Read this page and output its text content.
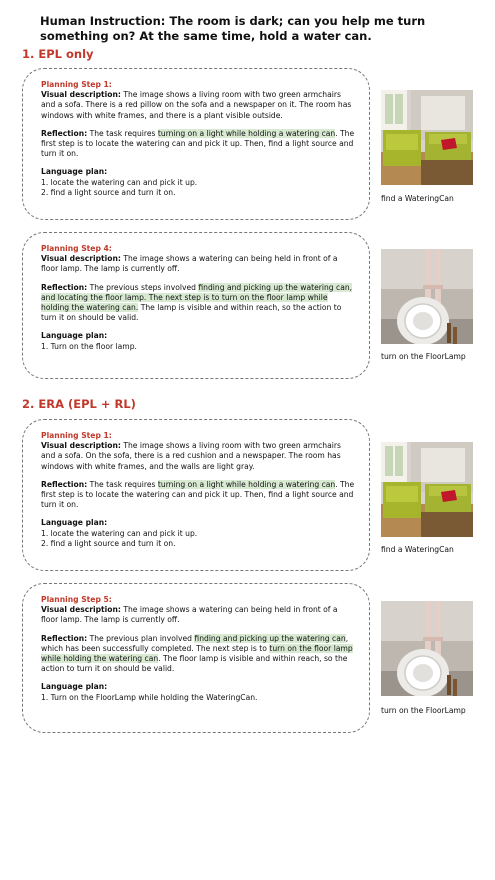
Human Instruction: The room is dark; can you help me turn something on? At the same time, hold a water can.
1. EPL only
Planning Step 1:

Visual description: The image shows a living room with two green armchairs and a sofa. There is a red pillow on the sofa and a newspaper on it. The room has windows with white frames, and there is a plant visible outside.

Reflection: The task requires turning on a light while holding a watering can. The first step is to locate the watering can and pick it up. Then, find a light source and turn it on.

Language plan:
1. locate the watering can and pick it up.
2. find a light source and turn it on.
find a WateringCan
Planning Step 4:

Visual description: The image shows a watering can being held in front of a floor lamp. The lamp is currently off.

Reflection: The previous steps involved finding and picking up the watering can, and locating the floor lamp. The next step is to turn on the floor lamp while holding the watering can. The lamp is visible and within reach, so the action to turn it on should be valid.

Language plan:
1. Turn on the floor lamp.
turn on the FloorLamp
2. ERA (EPL + RL)
Planning Step 1:

Visual description: The image shows a living room with two green armchairs and a sofa. On the sofa, there is a red cushion and a newspaper. The room has windows with white frames, and the walls are light gray.

Reflection: The task requires turning on a light while holding a watering can. The first step is to locate the watering can and pick it up. Then, find a light source and turn it on.

Language plan:
1. locate the watering can and pick it up.
2. find a light source and turn it on.
find a WateringCan
Planning Step 5:

Visual description: The image shows a watering can being held in front of a floor lamp. The lamp is currently off.

Reflection: The previous plan involved finding and picking up the watering can, which has been successfully completed. The next step is to turn on the floor lamp while holding the watering can. The floor lamp is visible and within reach, so the action to turn it on should be valid.

Language plan:
1. Turn on the FloorLamp while holding the WateringCan.
turn on the FloorLamp
